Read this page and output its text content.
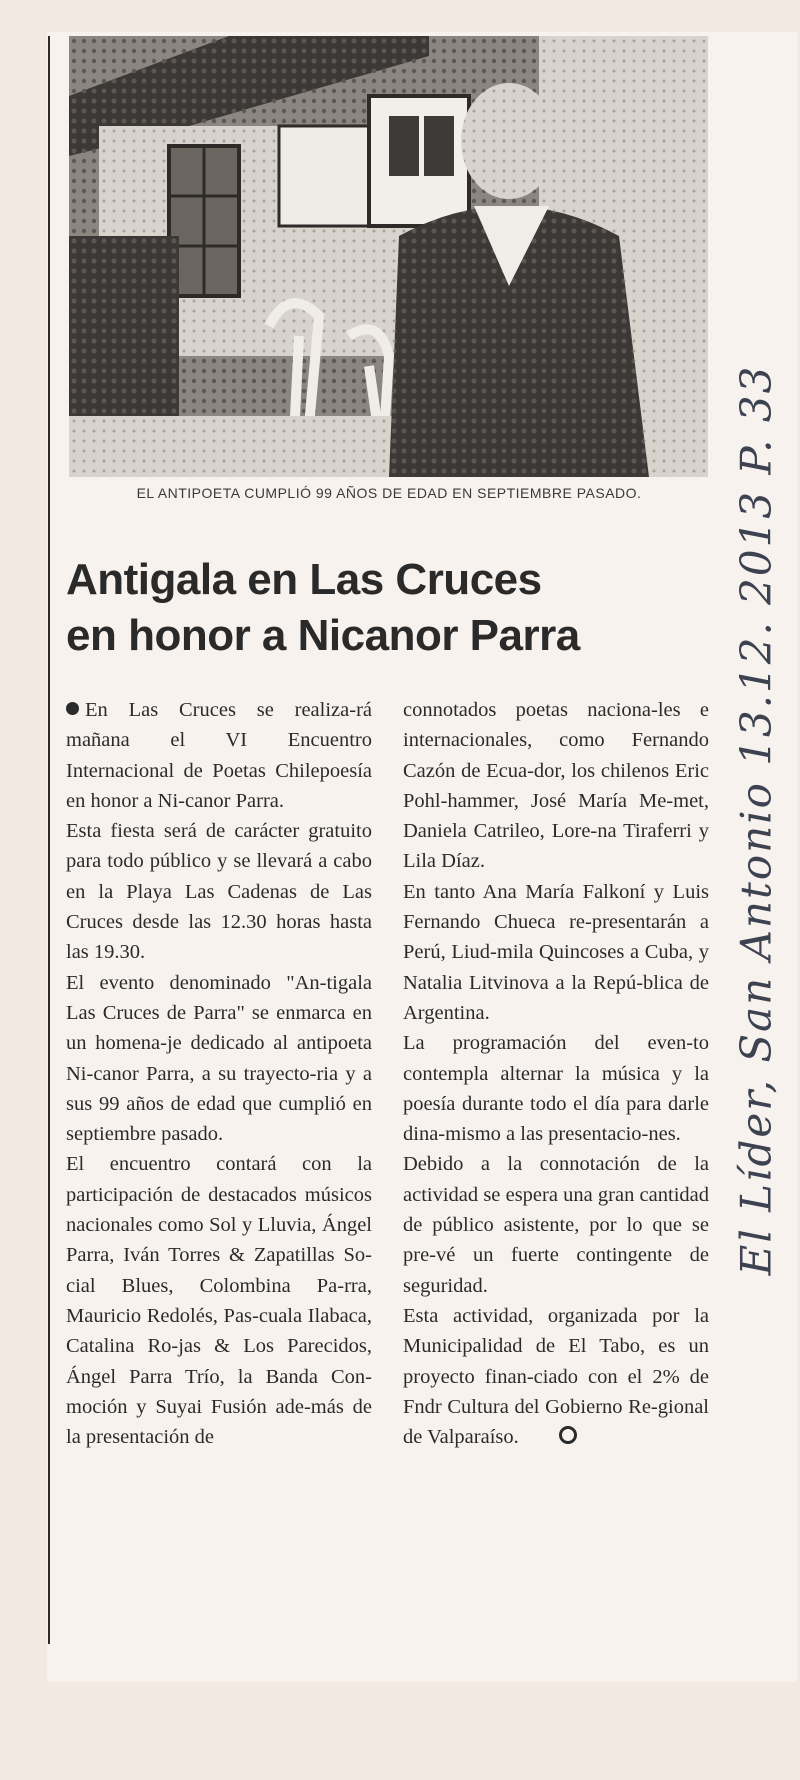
EL ANTIPOETA CUMPLIÓ 99 AÑOS DE EDAD EN SEPTIEMBRE PASADO.
Antigala en Las Cruces
en honor a Nicanor Parra

En Las Cruces se realiza-rá mañana el VI Encuentro Internacional de Poetas Chilepoesía en honor a Ni-canor Parra.

Esta fiesta será de carácter gratuito para todo público y se llevará a cabo en la Playa Las Cadenas de Las Cruces desde las 12.30 horas hasta las 19.30.

El evento denominado "An-tigala Las Cruces de Parra" se enmarca en un homena-je dedicado al antipoeta Ni-canor Parra, a su trayecto-ria y a sus 99 años de edad que cumplió en septiembre pasado.

El encuentro contará con la participación de destacados músicos nacionales como Sol y Lluvia, Ángel Parra, Iván Torres & Zapatillas So-cial Blues, Colombina Pa-rra, Mauricio Redolés, Pas-cuala Ilabaca, Catalina Ro-jas & Los Parecidos, Ángel Parra Trío, la Banda Con-moción y Suyai Fusión ade-más de la presentación de

connotados poetas naciona-les e internacionales, como Fernando Cazón de Ecua-dor, los chilenos Eric Pohl-hammer, José María Me-met, Daniela Catrileo, Lore-na Tiraferri y Lila Díaz.

En tanto Ana María Falkoní y Luis Fernando Chueca re-presentarán a Perú, Liud-mila Quincoses a Cuba, y Natalia Litvinova a la Repú-blica de Argentina.

La programación del even-to contempla alternar la música y la poesía durante todo el día para darle dina-mismo a las presentacio-nes.

Debido a la connotación de la actividad se espera una gran cantidad de público asistente, por lo que se pre-vé un fuerte contingente de seguridad.

Esta actividad, organizada por la Municipalidad de El Tabo, es un proyecto finan-ciado con el 2% de Fndr Cultura del Gobierno Re-gional de Valparaíso.

El Líder, San Antonio 13.12. 2013 P. 33
